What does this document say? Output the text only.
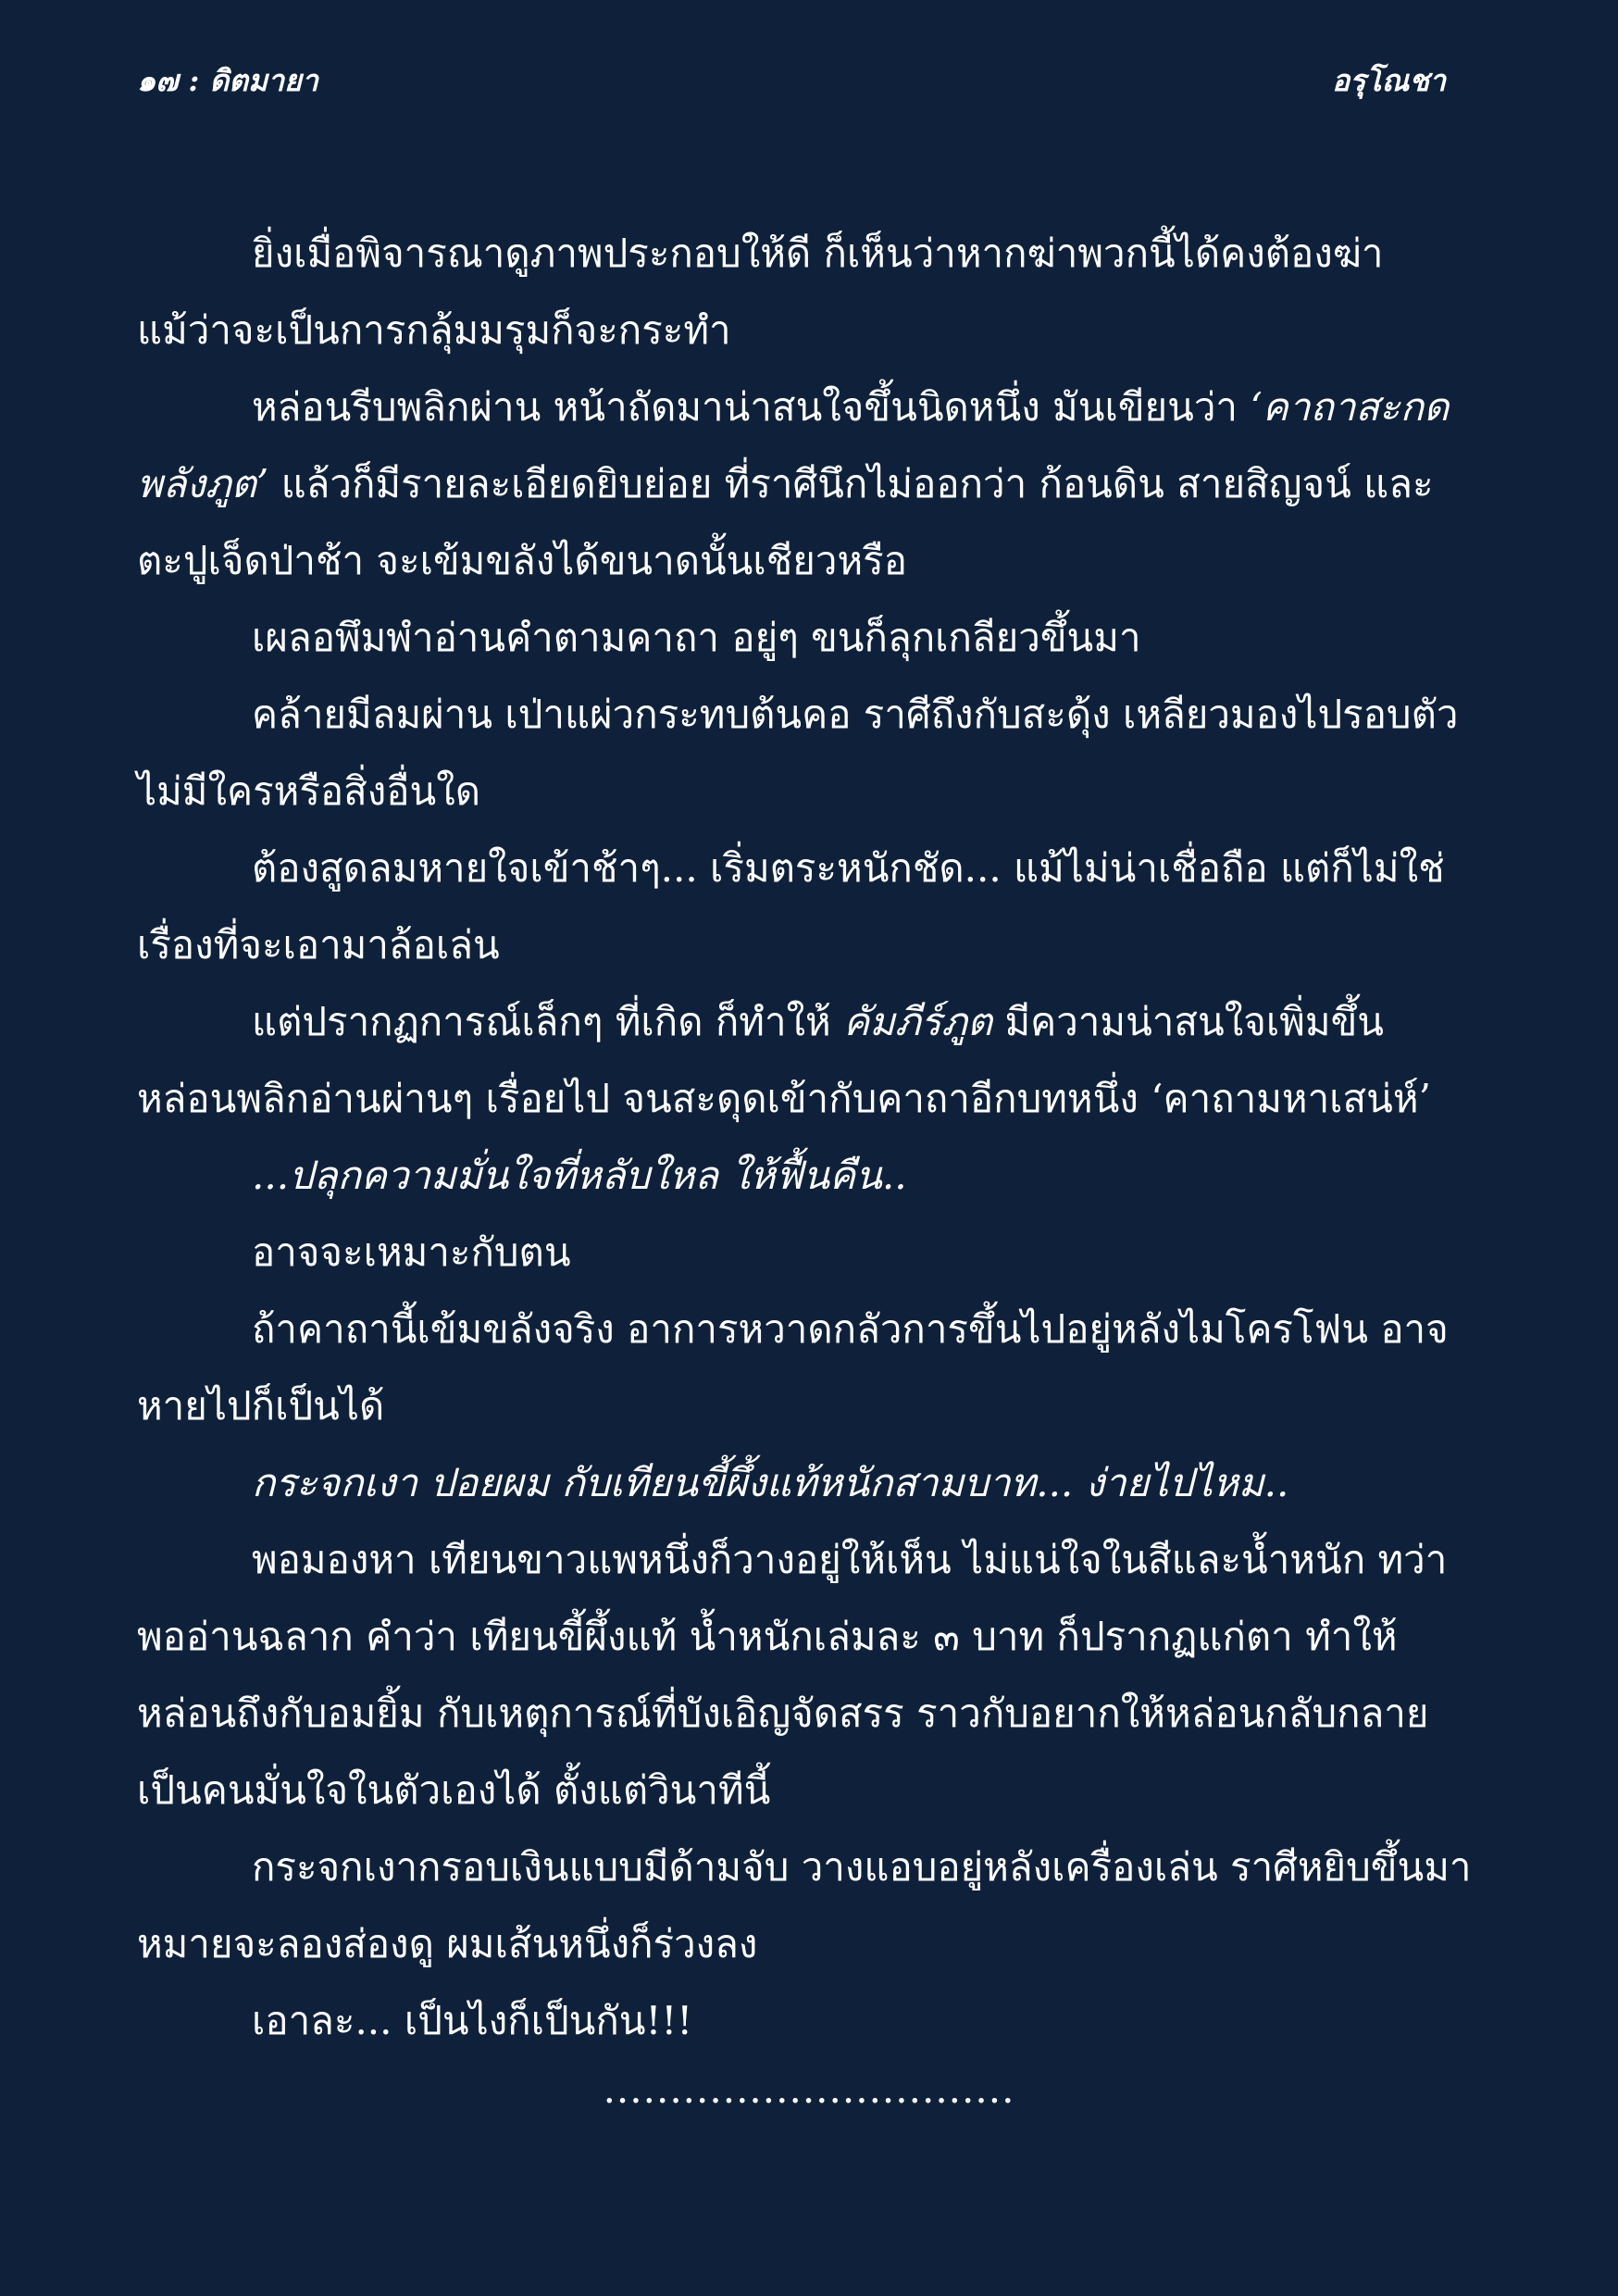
๑๗ : ดิตมายา	อรุโณชา

ยิ่งเมื่อพิจารณาดูภาพประกอบให้ดี ก็เห็นว่าหากฆ่าพวกนี้ได้คงต้องฆ่า แม้ว่าจะเป็นการกลุ้มมรุมก็จะกระทำ

หล่อนรีบพลิกผ่าน หน้าถัดมาน่าสนใจขึ้นนิดหนึ่ง มันเขียนว่า ‘คาถาสะกดพลังภูต’ แล้วก็มีรายละเอียดยิบย่อย ที่ราศีนึกไม่ออกว่า ก้อนดิน สายสิญจน์ และตะปูเจ็ดป่าช้า จะเข้มขลังได้ขนาดนั้นเชียวหรือ

เผลอพึมพำอ่านคำตามคาถา อยู่ๆ ขนก็ลุกเกลียวขึ้นมา

คล้ายมีลมผ่าน เป่าแผ่วกระทบต้นคอ ราศีถึงกับสะดุ้ง เหลียวมองไปรอบตัว ไม่มีใครหรือสิ่งอื่นใด

ต้องสูดลมหายใจเข้าช้าๆ... เริ่มตระหนักชัด... แม้ไม่น่าเชื่อถือ แต่ก็ไม่ใช่เรื่องที่จะเอามาล้อเล่น

แต่ปรากฏการณ์เล็กๆ ที่เกิด ก็ทำให้ คัมภีร์ภูต มีความน่าสนใจเพิ่มขึ้น หล่อนพลิกอ่านผ่านๆ เรื่อยไป จนสะดุดเข้ากับคาถาอีกบทหนึ่ง ‘คาถามหาเสน่ห์’

...ปลุกความมั่นใจที่หลับใหล ให้ฟื้นคืน..

อาจจะเหมาะกับตน

ถ้าคาถานี้เข้มขลังจริง อาการหวาดกลัวการขึ้นไปอยู่หลังไมโครโฟน อาจหายไปก็เป็นได้

กระจกเงา ปอยผม กับเทียนขี้ผึ้งแท้หนักสามบาท... ง่ายไปไหม..

พอมองหา เทียนขาวแพหนึ่งก็วางอยู่ให้เห็น ไม่แน่ใจในสีและน้ำหนัก ทว่าพออ่านฉลาก คำว่า เทียนขี้ผึ้งแท้ น้ำหนักเล่มละ ๓ บาท ก็ปรากฏแก่ตา ทำให้หล่อนถึงกับอมยิ้ม กับเหตุการณ์ที่บังเอิญจัดสรร ราวกับอยากให้หล่อนกลับกลายเป็นคนมั่นใจในตัวเองได้ ตั้งแต่วินาทีนี้

กระจกเงากรอบเงินแบบมีด้ามจับ วางแอบอยู่หลังเครื่องเล่น ราศีหยิบขึ้นมาหมายจะลองส่องดู ผมเส้นหนึ่งก็ร่วงลง

เอาละ... เป็นไงก็เป็นกัน!!!

...............................
